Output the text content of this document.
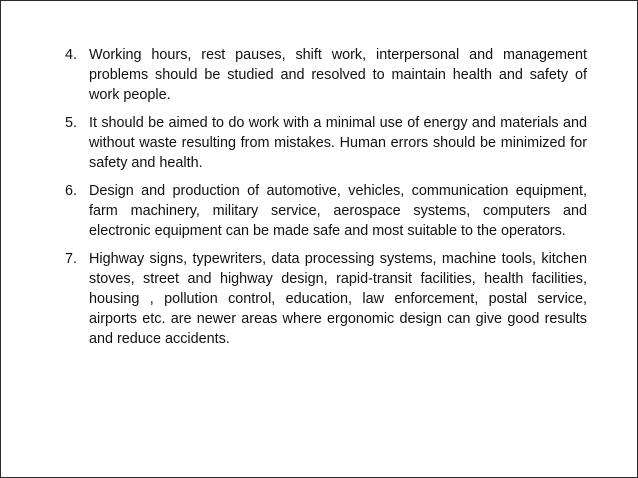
4. Working hours, rest pauses, shift work, interpersonal and management problems should be studied and resolved to maintain health and safety of work people.
5. It should be aimed to do work with a minimal use of energy and materials and without waste resulting from mistakes. Human errors should be minimized for safety and health.
6. Design and production of automotive, vehicles, communication equipment, farm machinery, military service, aerospace systems, computers and electronic equipment can be made safe and most suitable to the operators.
7. Highway signs, typewriters, data processing systems, machine tools, kitchen stoves, street and highway design, rapid-transit facilities, health facilities, housing , pollution control, education, law enforcement, postal service, airports etc. are newer areas where ergonomic design can give good results and reduce accidents.
